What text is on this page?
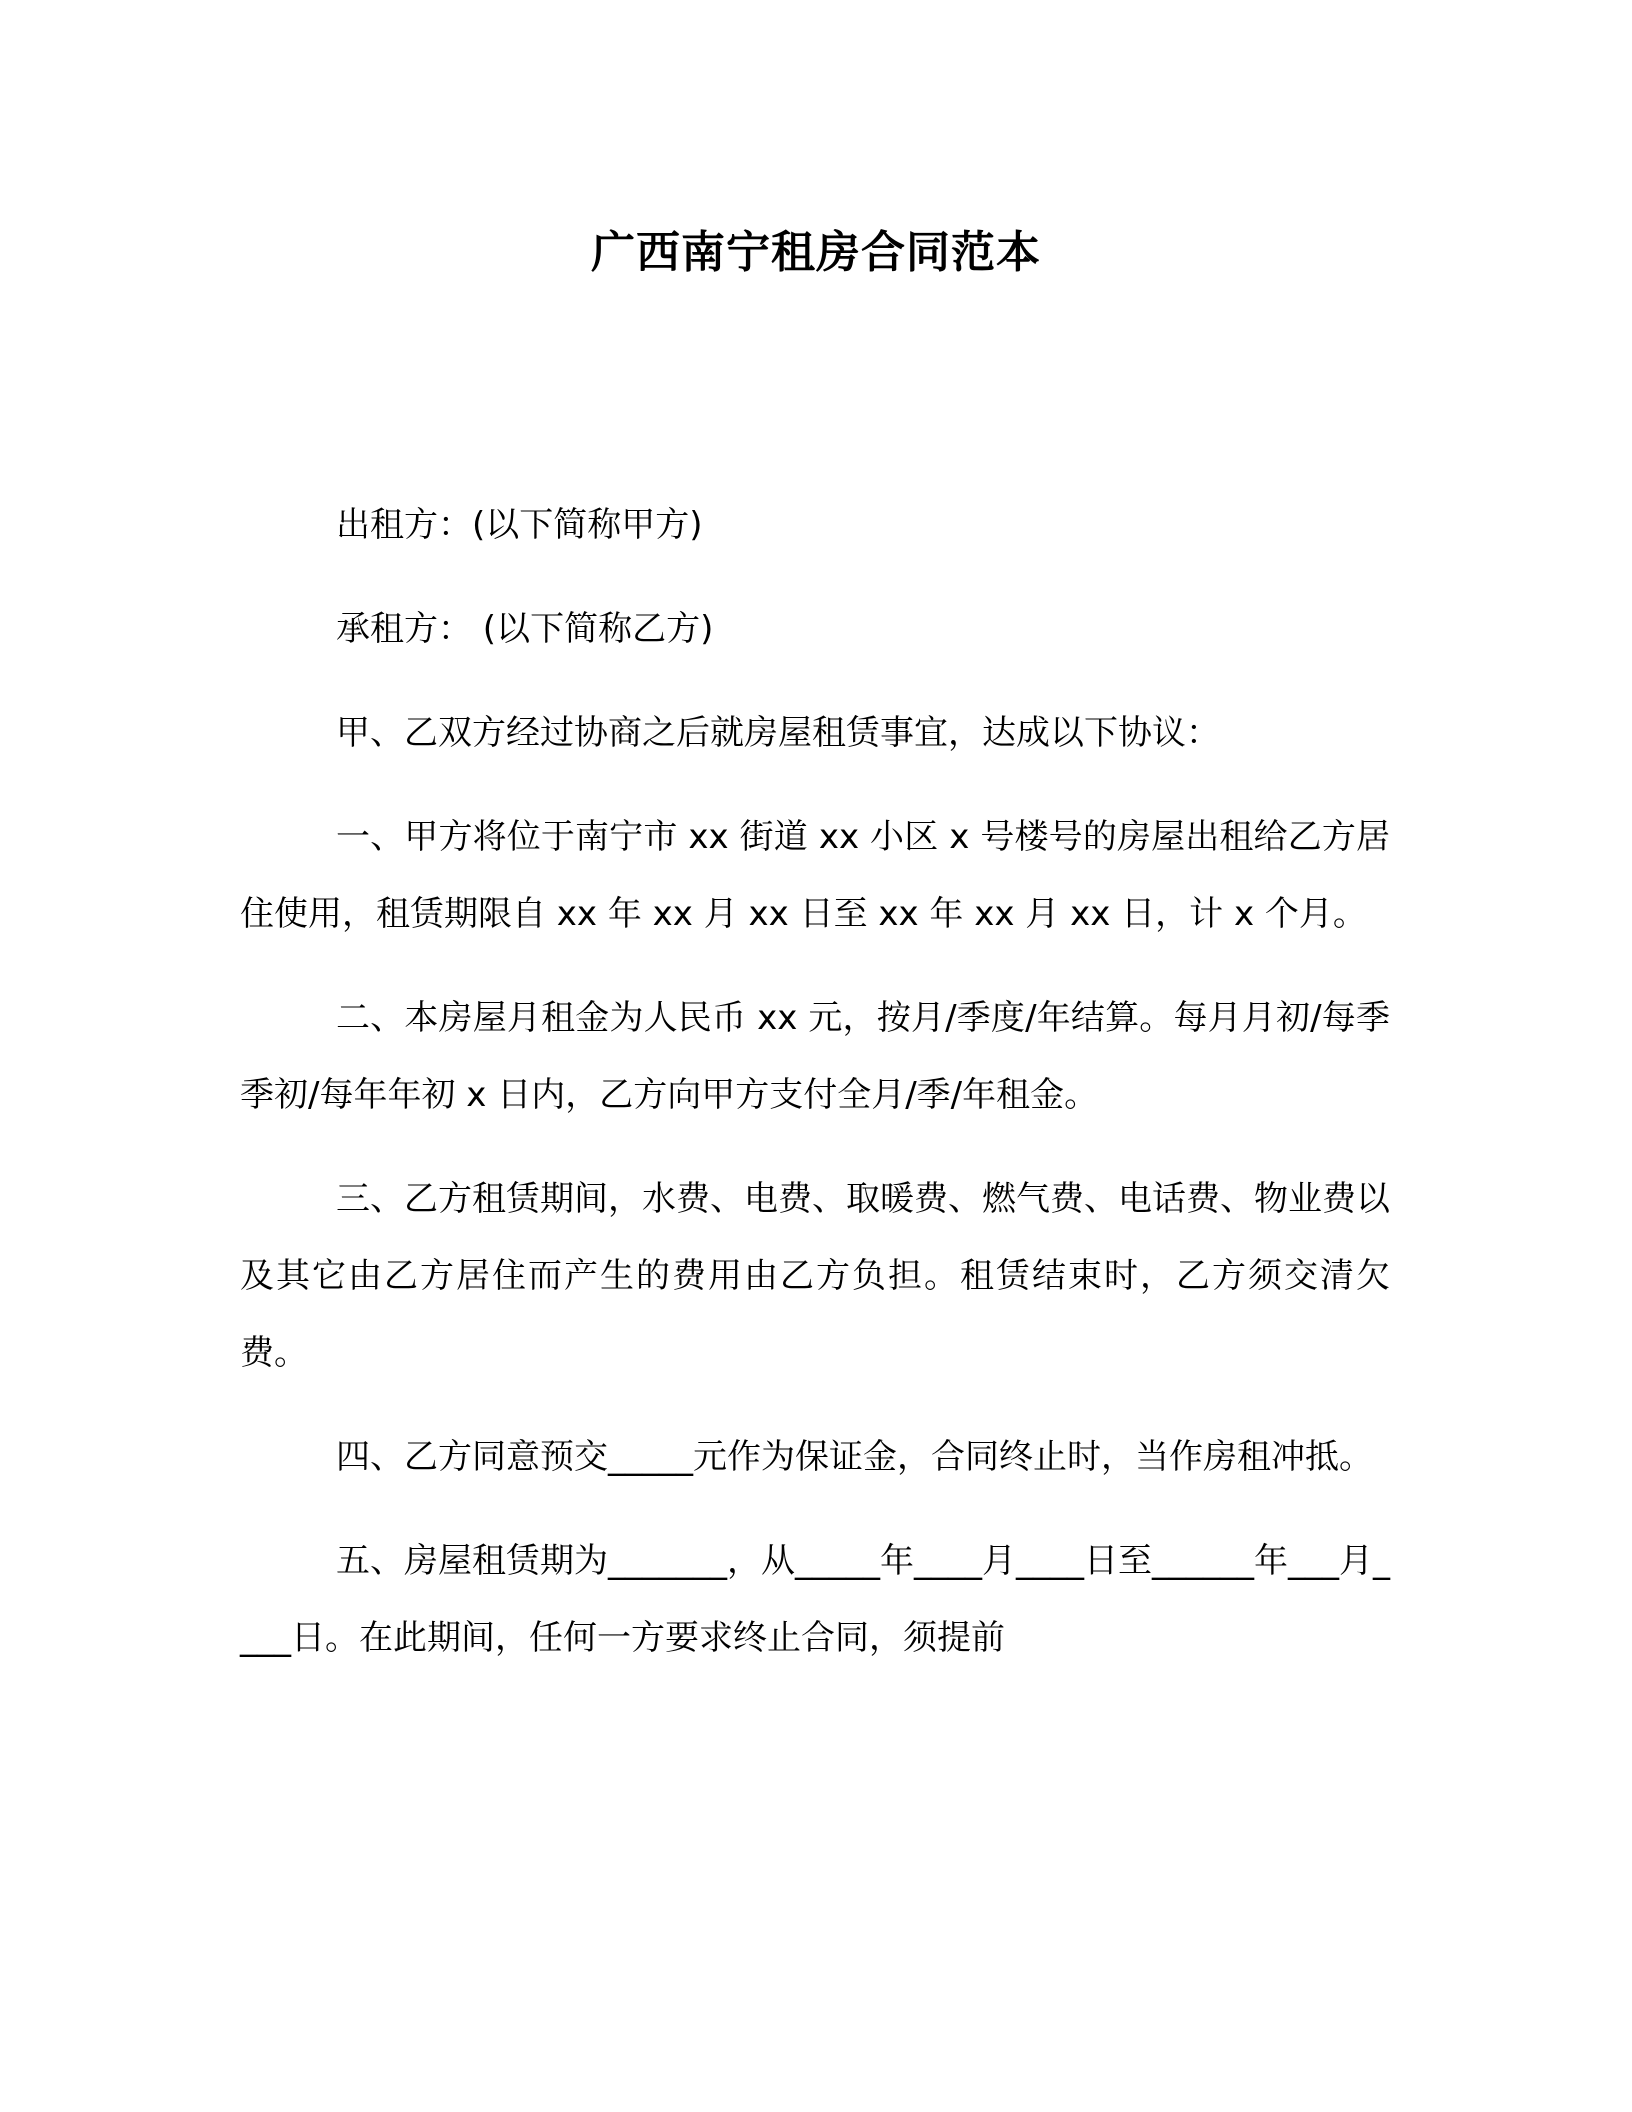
广西南宁租房合同范本

出租方：(以下简称甲方)

承租方： (以下简称乙方)

甲、乙双方经过协商之后就房屋租赁事宜，达成以下协议：

一、甲方将位于南宁市 xx 街道 xx 小区 x 号楼号的房屋出租给乙方居住使用，租赁期限自 xx 年 xx 月 xx 日至 xx 年 xx 月 xx 日，计 x 个月。

二、本房屋月租金为人民币 xx 元，按月/季度/年结算。每月月初/每季季初/每年年初 x 日内，乙方向甲方支付全月/季/年租金。

三、乙方租赁期间，水费、电费、取暖费、燃气费、电话费、物业费以及其它由乙方居住而产生的费用由乙方负担。租赁结束时，乙方须交清欠费。

四、乙方同意预交_____元作为保证金，合同终止时，当作房租冲抵。

五、房屋租赁期为_______，从_____年____月____日至______年___月____日。在此期间，任何一方要求终止合同，须提前
